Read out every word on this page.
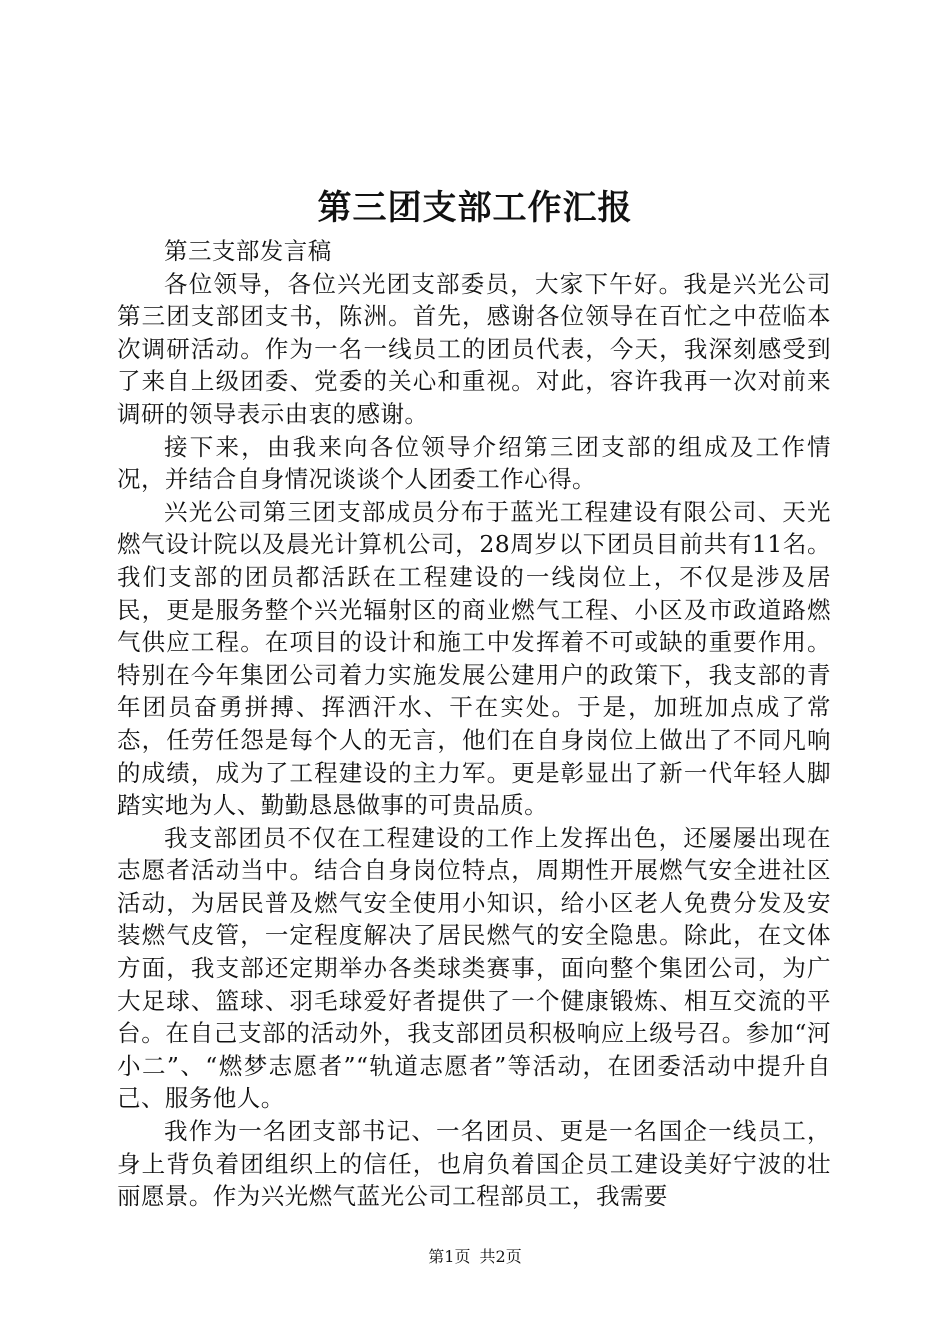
第三团支部工作汇报

第三支部发言稿

各位领导，各位兴光团支部委员，大家下午好。我是兴光公司第三团支部团支书，陈洲。首先，感谢各位领导在百忙之中莅临本次调研活动。作为一名一线员工的团员代表，今天，我深刻感受到了来自上级团委、党委的关心和重视。对此，容许我再一次对前来调研的领导表示由衷的感谢。

接下来，由我来向各位领导介绍第三团支部的组成及工作情况，并结合自身情况谈谈个人团委工作心得。

兴光公司第三团支部成员分布于蓝光工程建设有限公司、天光燃气设计院以及晨光计算机公司，28周岁以下团员目前共有11名。我们支部的团员都活跃在工程建设的一线岗位上，不仅是涉及居民，更是服务整个兴光辐射区的商业燃气工程、小区及市政道路燃气供应工程。在项目的设计和施工中发挥着不可或缺的重要作用。特别在今年集团公司着力实施发展公建用户的政策下，我支部的青年团员奋勇拼搏、挥洒汗水、干在实处。于是，加班加点成了常态，任劳任怨是每个人的无言，他们在自身岗位上做出了不同凡响的成绩，成为了工程建设的主力军。更是彰显出了新一代年轻人脚踏实地为人、勤勤恳恳做事的可贵品质。

我支部团员不仅在工程建设的工作上发挥出色，还屡屡出现在志愿者活动当中。结合自身岗位特点，周期性开展燃气安全进社区活动，为居民普及燃气安全使用小知识，给小区老人免费分发及安装燃气皮管，一定程度解决了居民燃气的安全隐患。除此，在文体方面，我支部还定期举办各类球类赛事，面向整个集团公司，为广大足球、篮球、羽毛球爱好者提供了一个健康锻炼、相互交流的平台。在自己支部的活动外，我支部团员积极响应上级号召。参加“河小二”、“燃梦志愿者”“轨道志愿者”等活动，在团委活动中提升自己、服务他人。

我作为一名团支部书记、一名团员、更是一名国企一线员工，身上背负着团组织上的信任，也肩负着国企员工建设美好宁波的壮丽愿景。作为兴光燃气蓝光公司工程部员工，我需要

第1页 共2页
